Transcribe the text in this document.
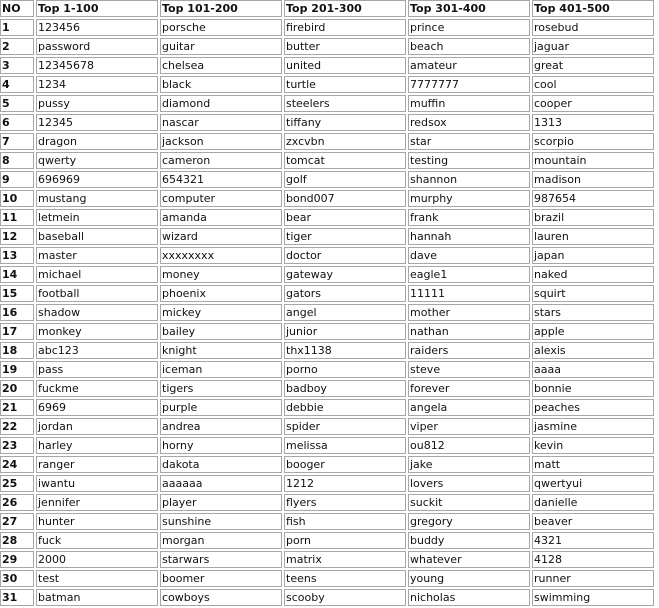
NO	Top 1-100	Top 101-200	Top 201-300	Top 301-400	Top 401-500
1	123456	porsche	firebird	prince	rosebud
2	password	guitar	butter	beach	jaguar
3	12345678	chelsea	united	amateur	great
4	1234	black	turtle	7777777	cool
5	pussy	diamond	steelers	muffin	cooper
6	12345	nascar	tiffany	redsox	1313
7	dragon	jackson	zxcvbn	star	scorpio
8	qwerty	cameron	tomcat	testing	mountain
9	696969	654321	golf	shannon	madison
10	mustang	computer	bond007	murphy	987654
11	letmein	amanda	bear	frank	brazil
12	baseball	wizard	tiger	hannah	lauren
13	master	xxxxxxxx	doctor	dave	japan
14	michael	money	gateway	eagle1	naked
15	football	phoenix	gators	11111	squirt
16	shadow	mickey	angel	mother	stars
17	monkey	bailey	junior	nathan	apple
18	abc123	knight	thx1138	raiders	alexis
19	pass	iceman	porno	steve	aaaa
20	fuckme	tigers	badboy	forever	bonnie
21	6969	purple	debbie	angela	peaches
22	jordan	andrea	spider	viper	jasmine
23	harley	horny	melissa	ou812	kevin
24	ranger	dakota	booger	jake	matt
25	iwantu	aaaaaa	1212	lovers	qwertyui
26	jennifer	player	flyers	suckit	danielle
27	hunter	sunshine	fish	gregory	beaver
28	fuck	morgan	porn	buddy	4321
29	2000	starwars	matrix	whatever	4128
30	test	boomer	teens	young	runner
31	batman	cowboys	scooby	nicholas	swimming
